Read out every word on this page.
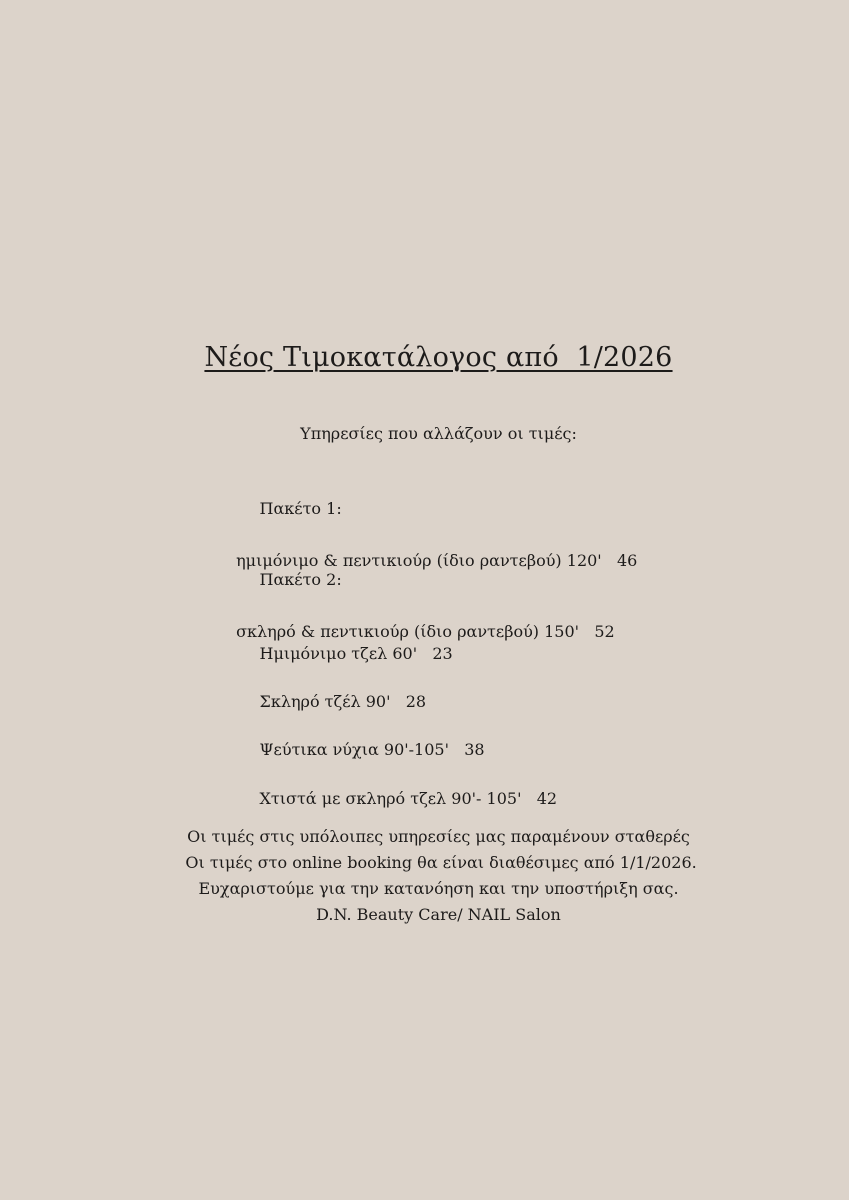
Νέος Τιμοκατάλογος από  1/2026
Υπηρεσίες που αλλάζουν οι τιμές:

Πακέτο 1:

ημιμόνιμο & πεντικιούρ (ίδιο ραντεβού) 120'   46

Πακέτο 2:

σκληρό & πεντικιούρ (ίδιο ραντεβού) 150'   52

Ημιμόνιμο τζελ 60'   23

Σκληρό τζέλ 90'   28

Ψεύτικα νύχια 90'-105'   38

Χτιστά με σκληρό τζελ 90'- 105'   42

Οι τιμές στις υπόλοιπες υπηρεσίες μας παραμένουν σταθερές
Οι τιμές στο online booking θα είναι διαθέσιμες από 1/1/2026.
Ευχαριστούμε για την κατανόηση και την υποστήριξη σας.
D.N. Beauty Care/ NAIL Salon
